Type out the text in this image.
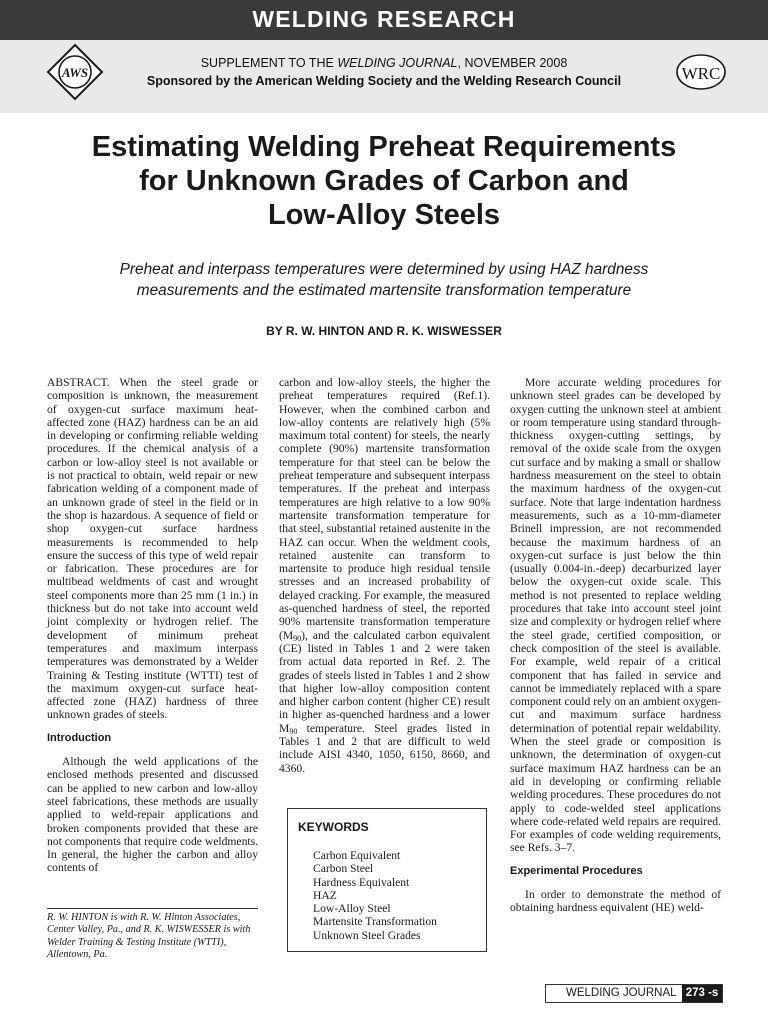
WELDING RESEARCH
AWS	WRC
SUPPLEMENT TO THE WELDING JOURNAL, NOVEMBER 2008
Sponsored by the American Welding Society and the Welding Research Council
Estimating Welding Preheat Requirements
for Unknown Grades of Carbon and
Low-Alloy Steels
Preheat and interpass temperatures were determined by using HAZ hardness
measurements and the estimated martensite transformation temperature
BY R. W. HINTON AND R. K. WISWESSER

ABSTRACT. When the steel grade or composition is unknown, the measurement of oxygen-cut surface maximum heat-affected zone (HAZ) hardness can be an aid in developing or confirming reliable welding procedures. If the chemical analysis of a carbon or low-alloy steel is not available or is not practical to obtain, weld repair or new fabrication welding of a component made of an unknown grade of steel in the field or in the shop is hazardous. A sequence of field or shop oxygen-cut surface hardness measurements is recommended to help ensure the success of this type of weld repair or fabrication. These procedures are for multibead weldments of cast and wrought steel components more than 25 mm (1 in.) in thickness but do not take into account weld joint complexity or hydrogen relief. The development of minimum preheat temperatures and maximum interpass temperatures was demonstrated by a Welder Training & Testing institute (WTTI) test of the maximum oxygen-cut surface heat-affected zone (HAZ) hardness of three unknown grades of steels.

Introduction

Although the weld applications of the enclosed methods presented and discussed can be applied to new carbon and low-alloy steel fabrications, these methods are usually applied to weld-repair applications and broken components provided that these are not components that require code weldments. In general, the higher the carbon and alloy contents of

R. W. HINTON is with R. W. Hinton Associates, Center Valley, Pa., and R. K. WISWESSER is with Welder Training & Testing Institute (WTTI), Allentown, Pa.

carbon and low-alloy steels, the higher the preheat temperatures required (Ref.1). However, when the combined carbon and low-alloy contents are relatively high (5% maximum total content) for steels, the nearly complete (90%) martensite transformation temperature for that steel can be below the preheat temperature and subsequent interpass temperatures. If the preheat and interpass temperatures are high relative to a low 90% martensite transformation temperature for that steel, substantial retained austenite in the HAZ can occur. When the weldment cools, retained austenite can transform to martensite to produce high residual tensile stresses and an increased probability of delayed cracking. For example, the measured as-quenched hardness of steel, the reported 90% martensite transformation temperature $(M_{90})$, and the calculated carbon equivalent (CE) listed in Tables 1 and 2 were taken from actual data reported in Ref. 2. The grades of steels listed in Tables 1 and 2 show that higher low-alloy composition content and higher carbon content (higher CE) result in higher as-quenched hardness and a lower $M_{90}$ temperature. Steel grades listed in Tables 1 and 2 that are difficult to weld include AISI 4340, 1050, 6150, 8660, and 4360.

KEYWORDS
Carbon Equivalent
Carbon Steel
Hardness Equivalent
HAZ
Low-Alloy Steel
Martensite Transformation
Unknown Steel Grades

More accurate welding procedures for unknown steel grades can be developed by oxygen cutting the unknown steel at ambient or room temperature using standard through-thickness oxygen-cutting settings, by removal of the oxide scale from the oxygen cut surface and by making a small or shallow hardness measurement on the steel to obtain the maximum hardness of the oxygen-cut surface. Note that large indentation hardness measurements, such as a 10-mm-diameter Brinell impression, are not recommended because the maximum hardness of an oxygen-cut surface is just below the thin (usually 0.004-in.-deep) decarburized layer below the oxygen-cut oxide scale. This method is not presented to replace welding procedures that take into account steel joint size and complexity or hydrogen relief where the steel grade, certified composition, or check composition of the steel is available. For example, weld repair of a critical component that has failed in service and cannot be immediately replaced with a spare component could rely on an ambient oxygen-cut and maximum surface hardness determination of potential repair weldability. When the steel grade or composition is unknown, the determination of oxygen-cut surface maximum HAZ hardness can be an aid in developing or confirming reliable welding procedures. These procedures do not apply to code-welded steel applications where code-related weld repairs are required. For examples of code welding requirements, see Refs. 3–7.

Experimental Procedures

In order to demonstrate the method of obtaining hardness equivalent (HE) weld-

WELDING JOURNAL 273 -s
